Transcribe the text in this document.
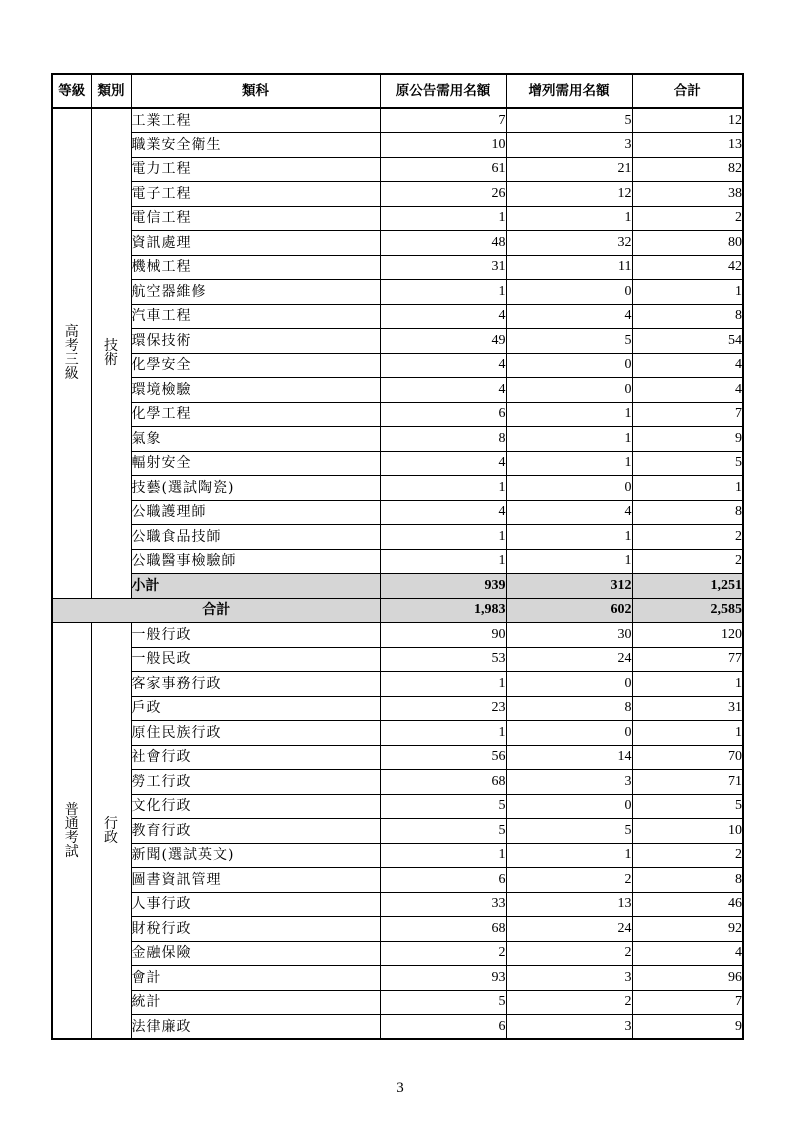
等級	類別	類科	原公告需用名額	增列需用名額	合計
高考三級	技術	工業工程	7	5	12
		職業安全衛生	10	3	13
		電力工程	61	21	82
		電子工程	26	12	38
		電信工程	1	1	2
		資訊處理	48	32	80
		機械工程	31	11	42
		航空器維修	1	0	1
		汽車工程	4	4	8
		環保技術	49	5	54
		化學安全	4	0	4
		環境檢驗	4	0	4
		化學工程	6	1	7
		氣象	8	1	9
		輻射安全	4	1	5
		技藝(選試陶瓷)	1	0	1
		公職護理師	4	4	8
		公職食品技師	1	1	2
		公職醫事檢驗師	1	1	2
		小計	939	312	1,251
合計			1,983	602	2,585
普通考試	行政	一般行政	90	30	120
		一般民政	53	24	77
		客家事務行政	1	0	1
		戶政	23	8	31
		原住民族行政	1	0	1
		社會行政	56	14	70
		勞工行政	68	3	71
		文化行政	5	0	5
		教育行政	5	5	10
		新聞(選試英文)	1	1	2
		圖書資訊管理	6	2	8
		人事行政	33	13	46
		財稅行政	68	24	92
		金融保險	2	2	4
		會計	93	3	96
		統計	5	2	7
		法律廉政	6	3	9
3
